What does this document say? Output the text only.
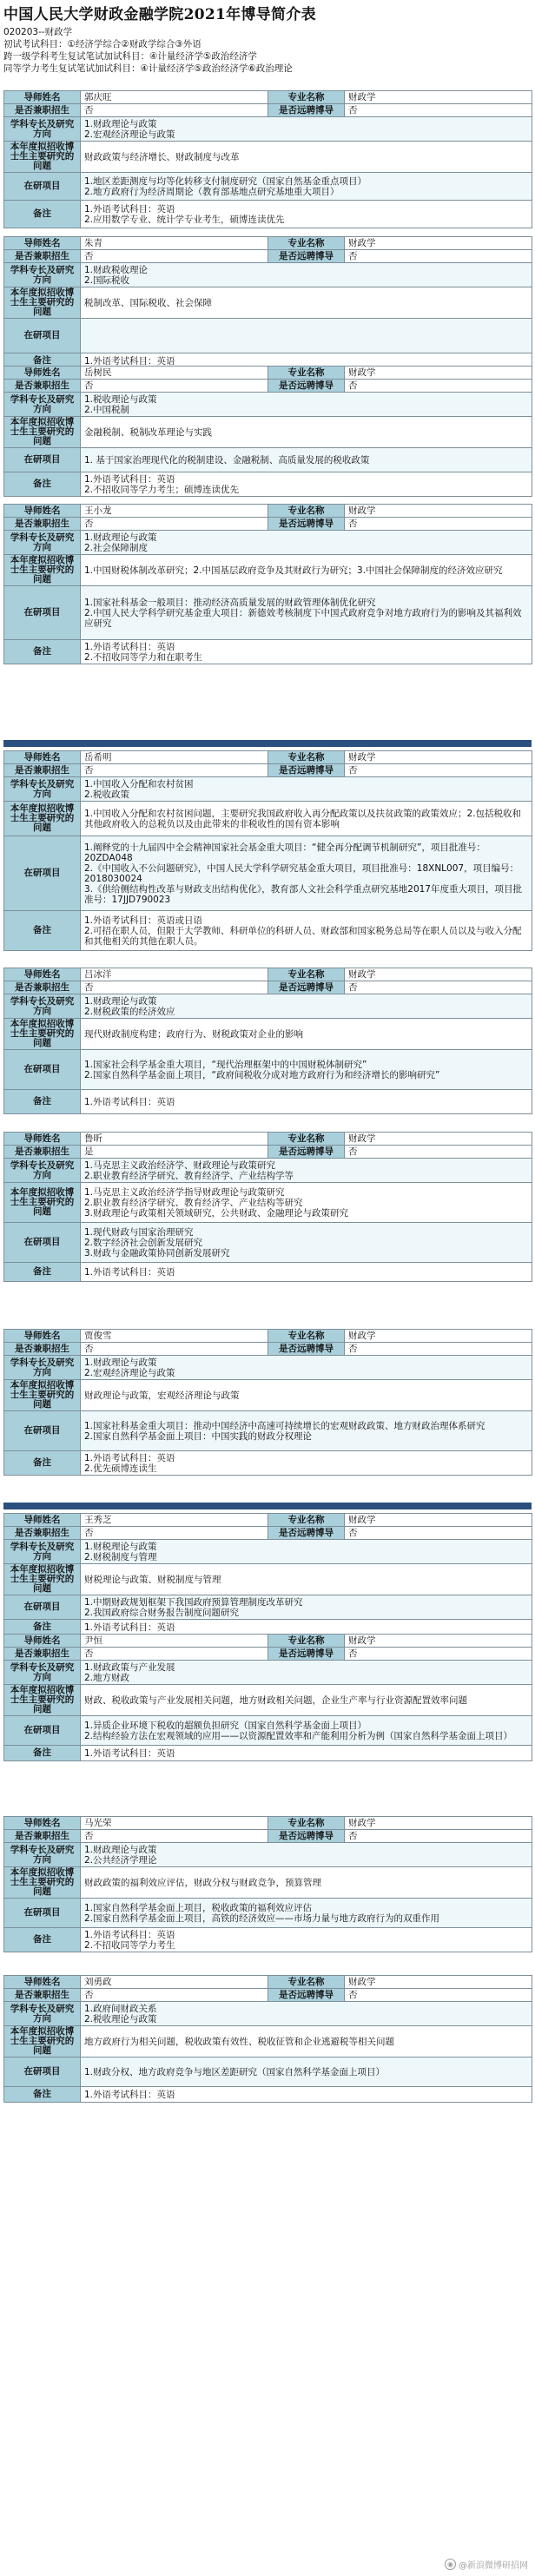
中国人民大学财政金融学院2021年博导简介表
020203--财政学
初试考试科目：①经济学综合②财政学综合③外语
跨一级学科考生复试笔试加试科目：④计量经济学⑤政治经济学
同等学力考生复试笔试加试科目：④计量经济学⑤政治经济学⑥政治理论
导师姓名	郭庆旺	专业名称	财政学
是否兼职招生	否	是否远聘博导	否
学科专长及研究方向	1.财政理论与政策
2.宏观经济理论与政策		

本年度拟招收博士生主要研究的问题	财政政策与经济增长、财政制度与改革		

在研项目	1.地区差距测度与均等化转移支付制度研究（国家自然基金重点项目）
2.地方政府行为经济周期论（教育部基地点研究基地重大项目）		

备注	1.外语考试科目：英语
2.应用数学专业、统计学专业考生，硕博连读优先		
导师姓名	朱青	专业名称	财政学
是否兼职招生	否	是否远聘博导	否
学科专长及研究方向	1.财政税收理论
2.国际税收		

本年度拟招收博士生主要研究的问题	税制改革、国际税收、社会保障		

在研项目			

备注	1.外语考试科目：英语		
导师姓名	岳树民	专业名称	财政学
是否兼职招生	否	是否远聘博导	否
学科专长及研究方向	1.税收理论与政策
2.中国税制		

本年度拟招收博士生主要研究的问题	金融税制、税制改革理论与实践		

在研项目	1. 基于国家治理现代化的税制建设、金融税制、高质量发展的税收政策		

备注	1.外语考试科目：英语
2.不招收同等学力考生；硕博连读优先		
导师姓名	王小龙	专业名称	财政学
是否兼职招生	否	是否远聘博导	否
学科专长及研究方向	1.财政理论与政策
2.社会保障制度		

本年度拟招收博士生主要研究的问题	1.中国财税体制改革研究；2.中国基层政府竞争及其财政行为研究；3.中国社会保障制度的经济效应研究		

在研项目	1.国家社科基金一般项目：推动经济高质量发展的财政管理体制优化研究
2.中国人民大学科学研究基金重大项目：新德效考核制度下中国式政府竞争对地方政府行为的影响及其福利效应研究		

备注	1.外语考试科目：英语
2.不招收同等学力和在职考生		
导师姓名	岳希明	专业名称	财政学
是否兼职招生	否	是否远聘博导	否
学科专长及研究方向	1.中国收入分配和农村贫困
2.税收政策		

本年度拟招收博士生主要研究的问题	1.中国收入分配和农村贫困问题，主要研究我国政府收入再分配政策以及扶贫政策的政策效应；2.包括税收和其他政府收入的总税负以及由此带来的非税收性的国有资本影响		

在研项目	1.阐释党的十九届四中全会精神国家社会基金重大项目：“健全再分配调节机制研究”，项目批准号：20ZDA048
2.《中国收入不公问题研究》，中国人民大学科学研究基金重大项目，项目批准号：18XNL007，项目编号：2018030024
3.《供给侧结构性改革与财政支出结构优化》，教育部人文社会科学重点研究基地2017年度重大项目，项目批准号：17JJD790023		

备注	1.外语考试科目：英语或日语
2.可招在职人员，但限于大学教师、科研单位的科研人员、财政部和国家税务总局等在职人员以及与收入分配和其他相关的其他在职人员。		
导师姓名	吕冰洋	专业名称	财政学
是否兼职招生	否	是否远聘博导	否
学科专长及研究方向	1.财政理论与政策
2.财税政策的经济效应		

本年度拟招收博士生主要研究的问题	现代财政制度构建；政府行为、财税政策对企业的影响		

在研项目	1.国家社会科学基金重大项目，“现代治理框架中的中国财税体制研究”
2.国家自然科学基金面上项目，“政府间税收分成对地方政府行为和经济增长的影响研究”		

备注	1.外语考试科目：英语		
导师姓名	鲁昕	专业名称	财政学
是否兼职招生	是	是否远聘博导	否
学科专长及研究方向	1.马克思主义政治经济学、财政理论与政策研究
2.职业教育经济学研究、教育经济学、产业结构学等		

本年度拟招收博士生主要研究的问题	1.马克思主义政治经济学指导财政理论与政策研究
2.职业教育经济学研究、教育经济学、产业结构等研究
3.财政理论与政策相关领域研究，公共财政、金融理论与政策研究		

在研项目	1.现代财政与国家治理研究
2.数字经济社会创新发展研究
3.财政与金融政策协同创新发展研究		

备注	1.外语考试科目：英语		
导师姓名	贾俊雪	专业名称	财政学
是否兼职招生	否	是否远聘博导	否
学科专长及研究方向	1.财政理论与政策
2.宏观经济理论与政策		

本年度拟招收博士生主要研究的问题	财政理论与政策，宏观经济理论与政策		

在研项目	1.国家社科基金重大项目：推动中国经济中高速可持续增长的宏观财政政策、地方财政治理体系研究
2.国家自然科学基金面上项目：中国实践的财政分权理论		

备注	1.外语考试科目：英语
2.优先硕博连读生		
导师姓名	王秀芝	专业名称	财政学
是否兼职招生	否	是否远聘博导	否
学科专长及研究方向	1.财税理论与政策
2.财税制度与管理		

本年度拟招收博士生主要研究的问题	财税理论与政策、财税制度与管理		

在研项目	1.中期财政规划框架下我国政府预算管理制度改革研究
2.我国政府综合财务报告制度问题研究		

备注	1.外语考试科目：英语		
导师姓名	尹恒	专业名称	财政学
是否兼职招生	否	是否远聘博导	否
学科专长及研究方向	1.财政政策与产业发展
2.地方财政		

本年度拟招收博士生主要研究的问题	财政、税收政策与产业发展相关问题，地方财政相关问题，企业生产率与行业资源配置效率问题		

在研项目	1.异质企业环境下税收的超额负担研究（国家自然科学基金面上项目）
2.结构经验方法在宏观领域的应用——以资源配置效率和产能利用分析为例（国家自然科学基金面上项目）		

备注	1.外语考试科目：英语		
导师姓名	马光荣	专业名称	财政学
是否兼职招生	否	是否远聘博导	否
学科专长及研究方向	1.财政理论与政策
2.公共经济学理论		

本年度拟招收博士生主要研究的问题	财政政策的福利效应评估，财政分权与财政竞争，预算管理		

在研项目	1.国家自然科学基金面上项目，税收政策的福利效应评估
2.国家自然科学基金面上项目，高铁的经济效应——市场力量与地方政府行为的双重作用		

备注	1.外语考试科目：英语
2.不招收同等学力考生		
导师姓名	刘勇政	专业名称	财政学
是否兼职招生	否	是否远聘博导	否
学科专长及研究方向	1.政府间财政关系
2.税收理论与政策		

本年度拟招收博士生主要研究的问题	地方政府行为相关问题，税收政策有效性、税收征管和企业逃避税等相关问题		

在研项目	1.财政分权、地方政府竞争与地区差距研究（国家自然科学基金面上项目）		

备注	1.外语考试科目：英语		
◉ @新浪微博研招网
